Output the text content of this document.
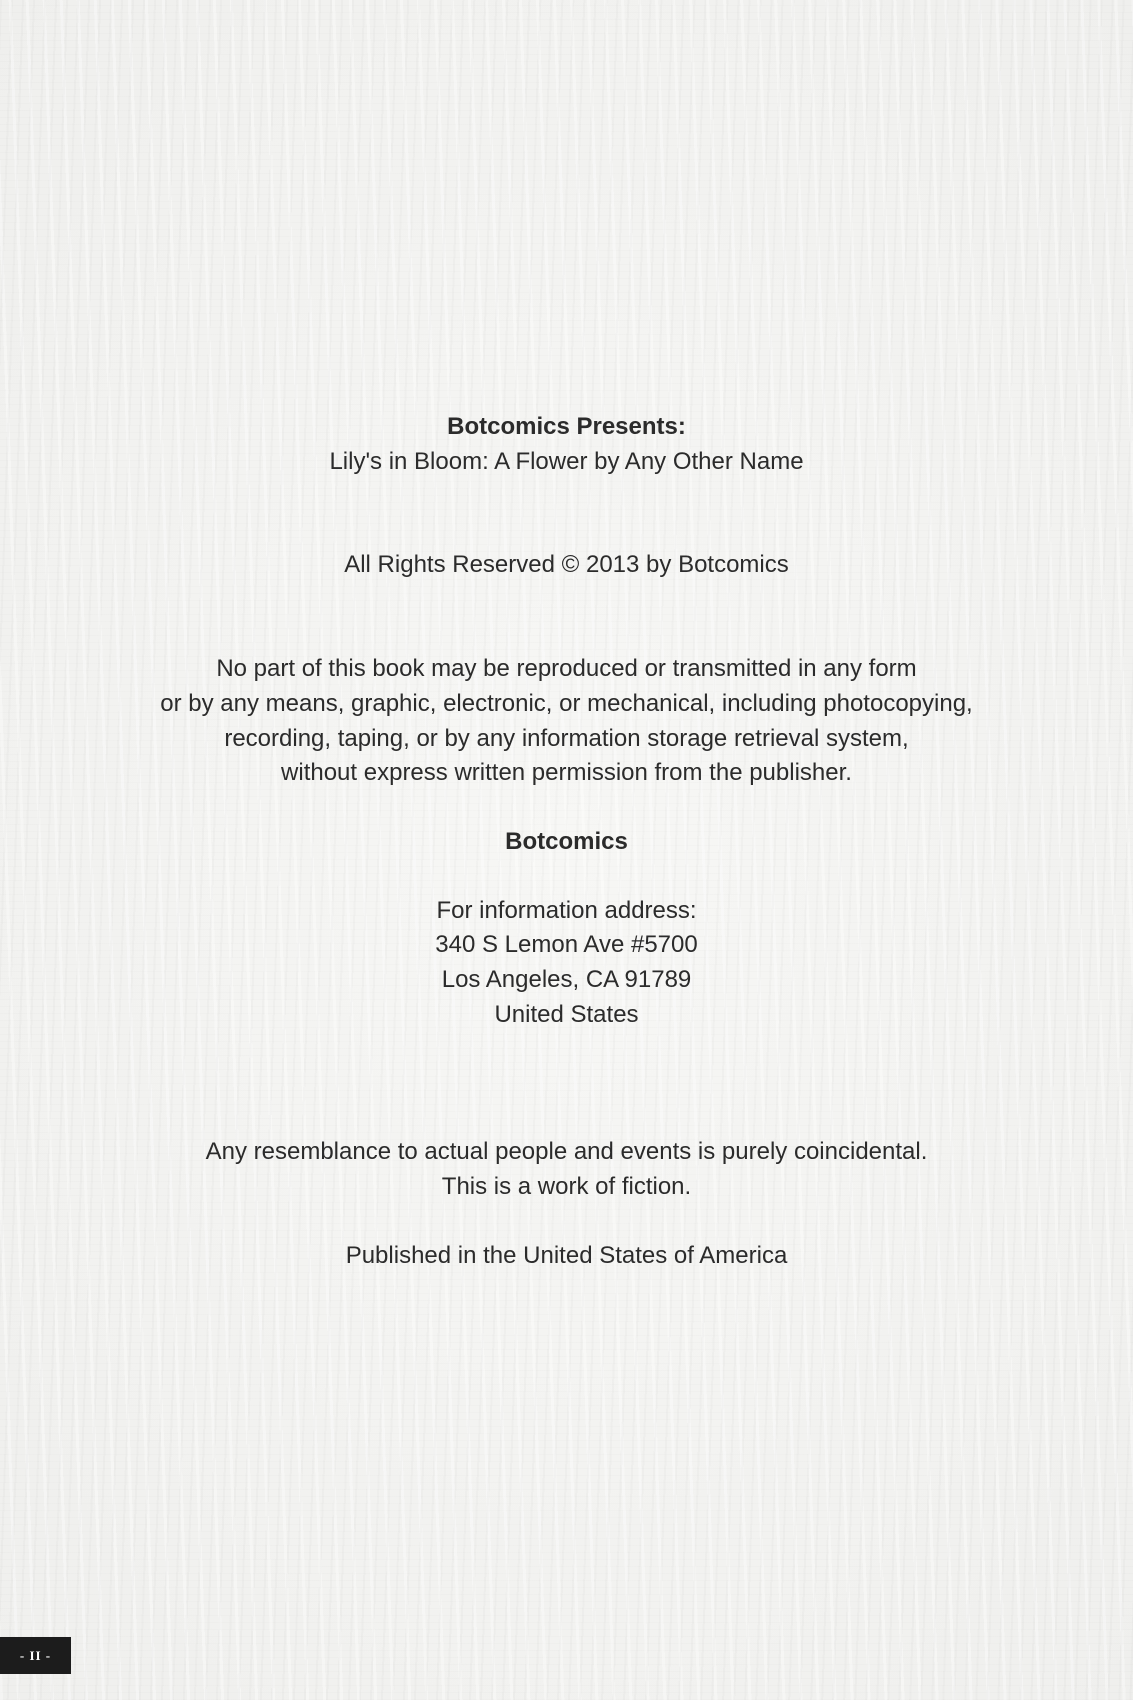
Botcomics Presents:
Lily's in Bloom: A Flower by Any Other Name
All Rights Reserved © 2013 by Botcomics
No part of this book may be reproduced or transmitted in any form
or by any means, graphic, electronic, or mechanical, including photocopying,
recording, taping, or by any information storage retrieval system,
without express written permission from the publisher.
Botcomics
For information address:
340 S Lemon Ave #5700
Los Angeles, CA 91789
United States
Any resemblance to actual people and events is purely coincidental.
This is a work of fiction.
Published in the United States of America
- II -
